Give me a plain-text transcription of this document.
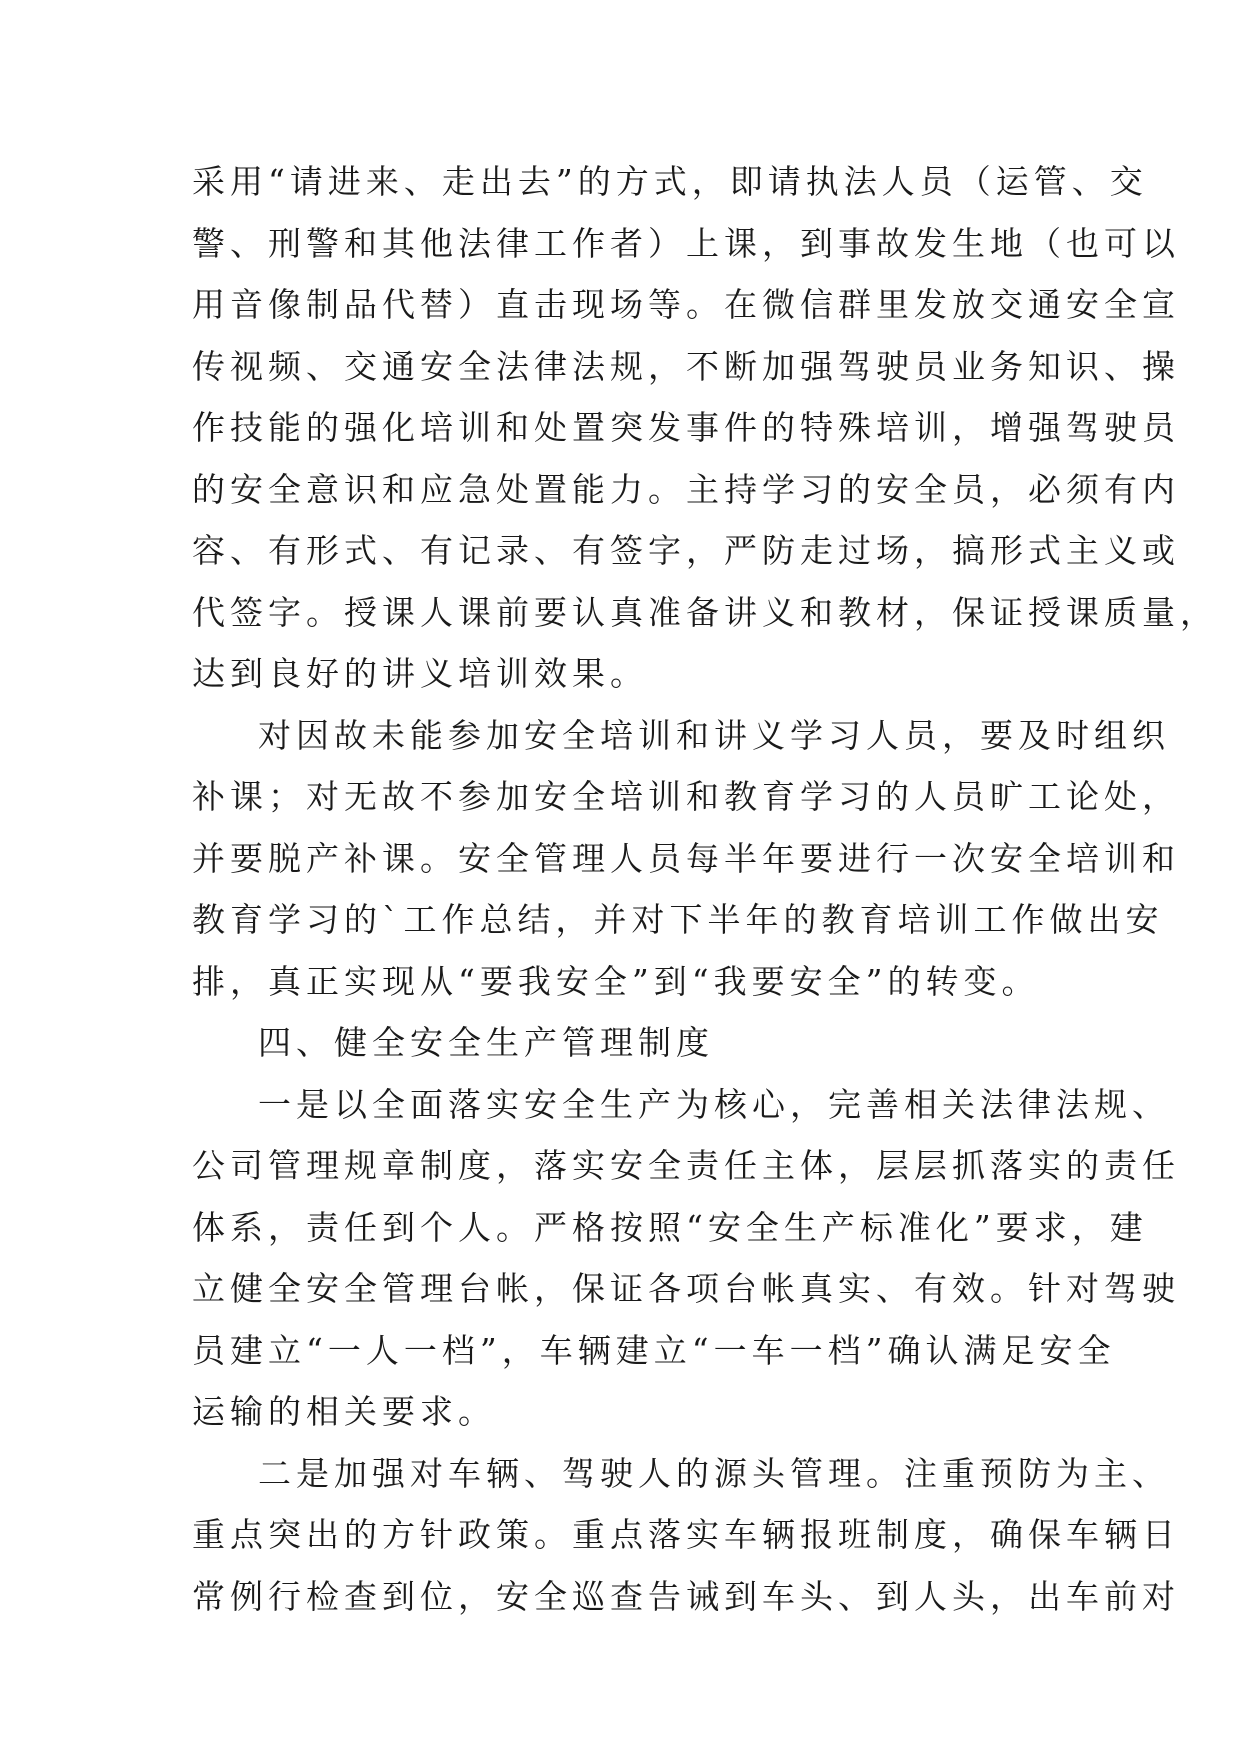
采用“请进来、走出去”的方式，即请执法人员（运管、交
警、刑警和其他法律工作者）上课，到事故发生地（也可以
用音像制品代替）直击现场等。在微信群里发放交通安全宣
传视频、交通安全法律法规，不断加强驾驶员业务知识、操
作技能的强化培训和处置突发事件的特殊培训，增强驾驶员
的安全意识和应急处置能力。主持学习的安全员，必须有内
容、有形式、有记录、有签字，严防走过场，搞形式主义或
代签字。授课人课前要认真准备讲义和教材，保证授课质量，
达到良好的讲义培训效果。
对因故未能参加安全培训和讲义学习人员，要及时组织
补课；对无故不参加安全培训和教育学习的人员旷工论处，
并要脱产补课。安全管理人员每半年要进行一次安全培训和
教育学习的`工作总结，并对下半年的教育培训工作做出安
排，真正实现从“要我安全”到“我要安全”的转变。
四、健全安全生产管理制度
一是以全面落实安全生产为核心，完善相关法律法规、
公司管理规章制度，落实安全责任主体，层层抓落实的责任
体系，责任到个人。严格按照“安全生产标准化”要求，建
立健全安全管理台帐，保证各项台帐真实、有效。针对驾驶
员建立“一人一档”，车辆建立“一车一档”确认满足安全
运输的相关要求。
二是加强对车辆、驾驶人的源头管理。注重预防为主、
重点突出的方针政策。重点落实车辆报班制度，确保车辆日
常例行检查到位，安全巡查告诫到车头、到人头，出车前对
